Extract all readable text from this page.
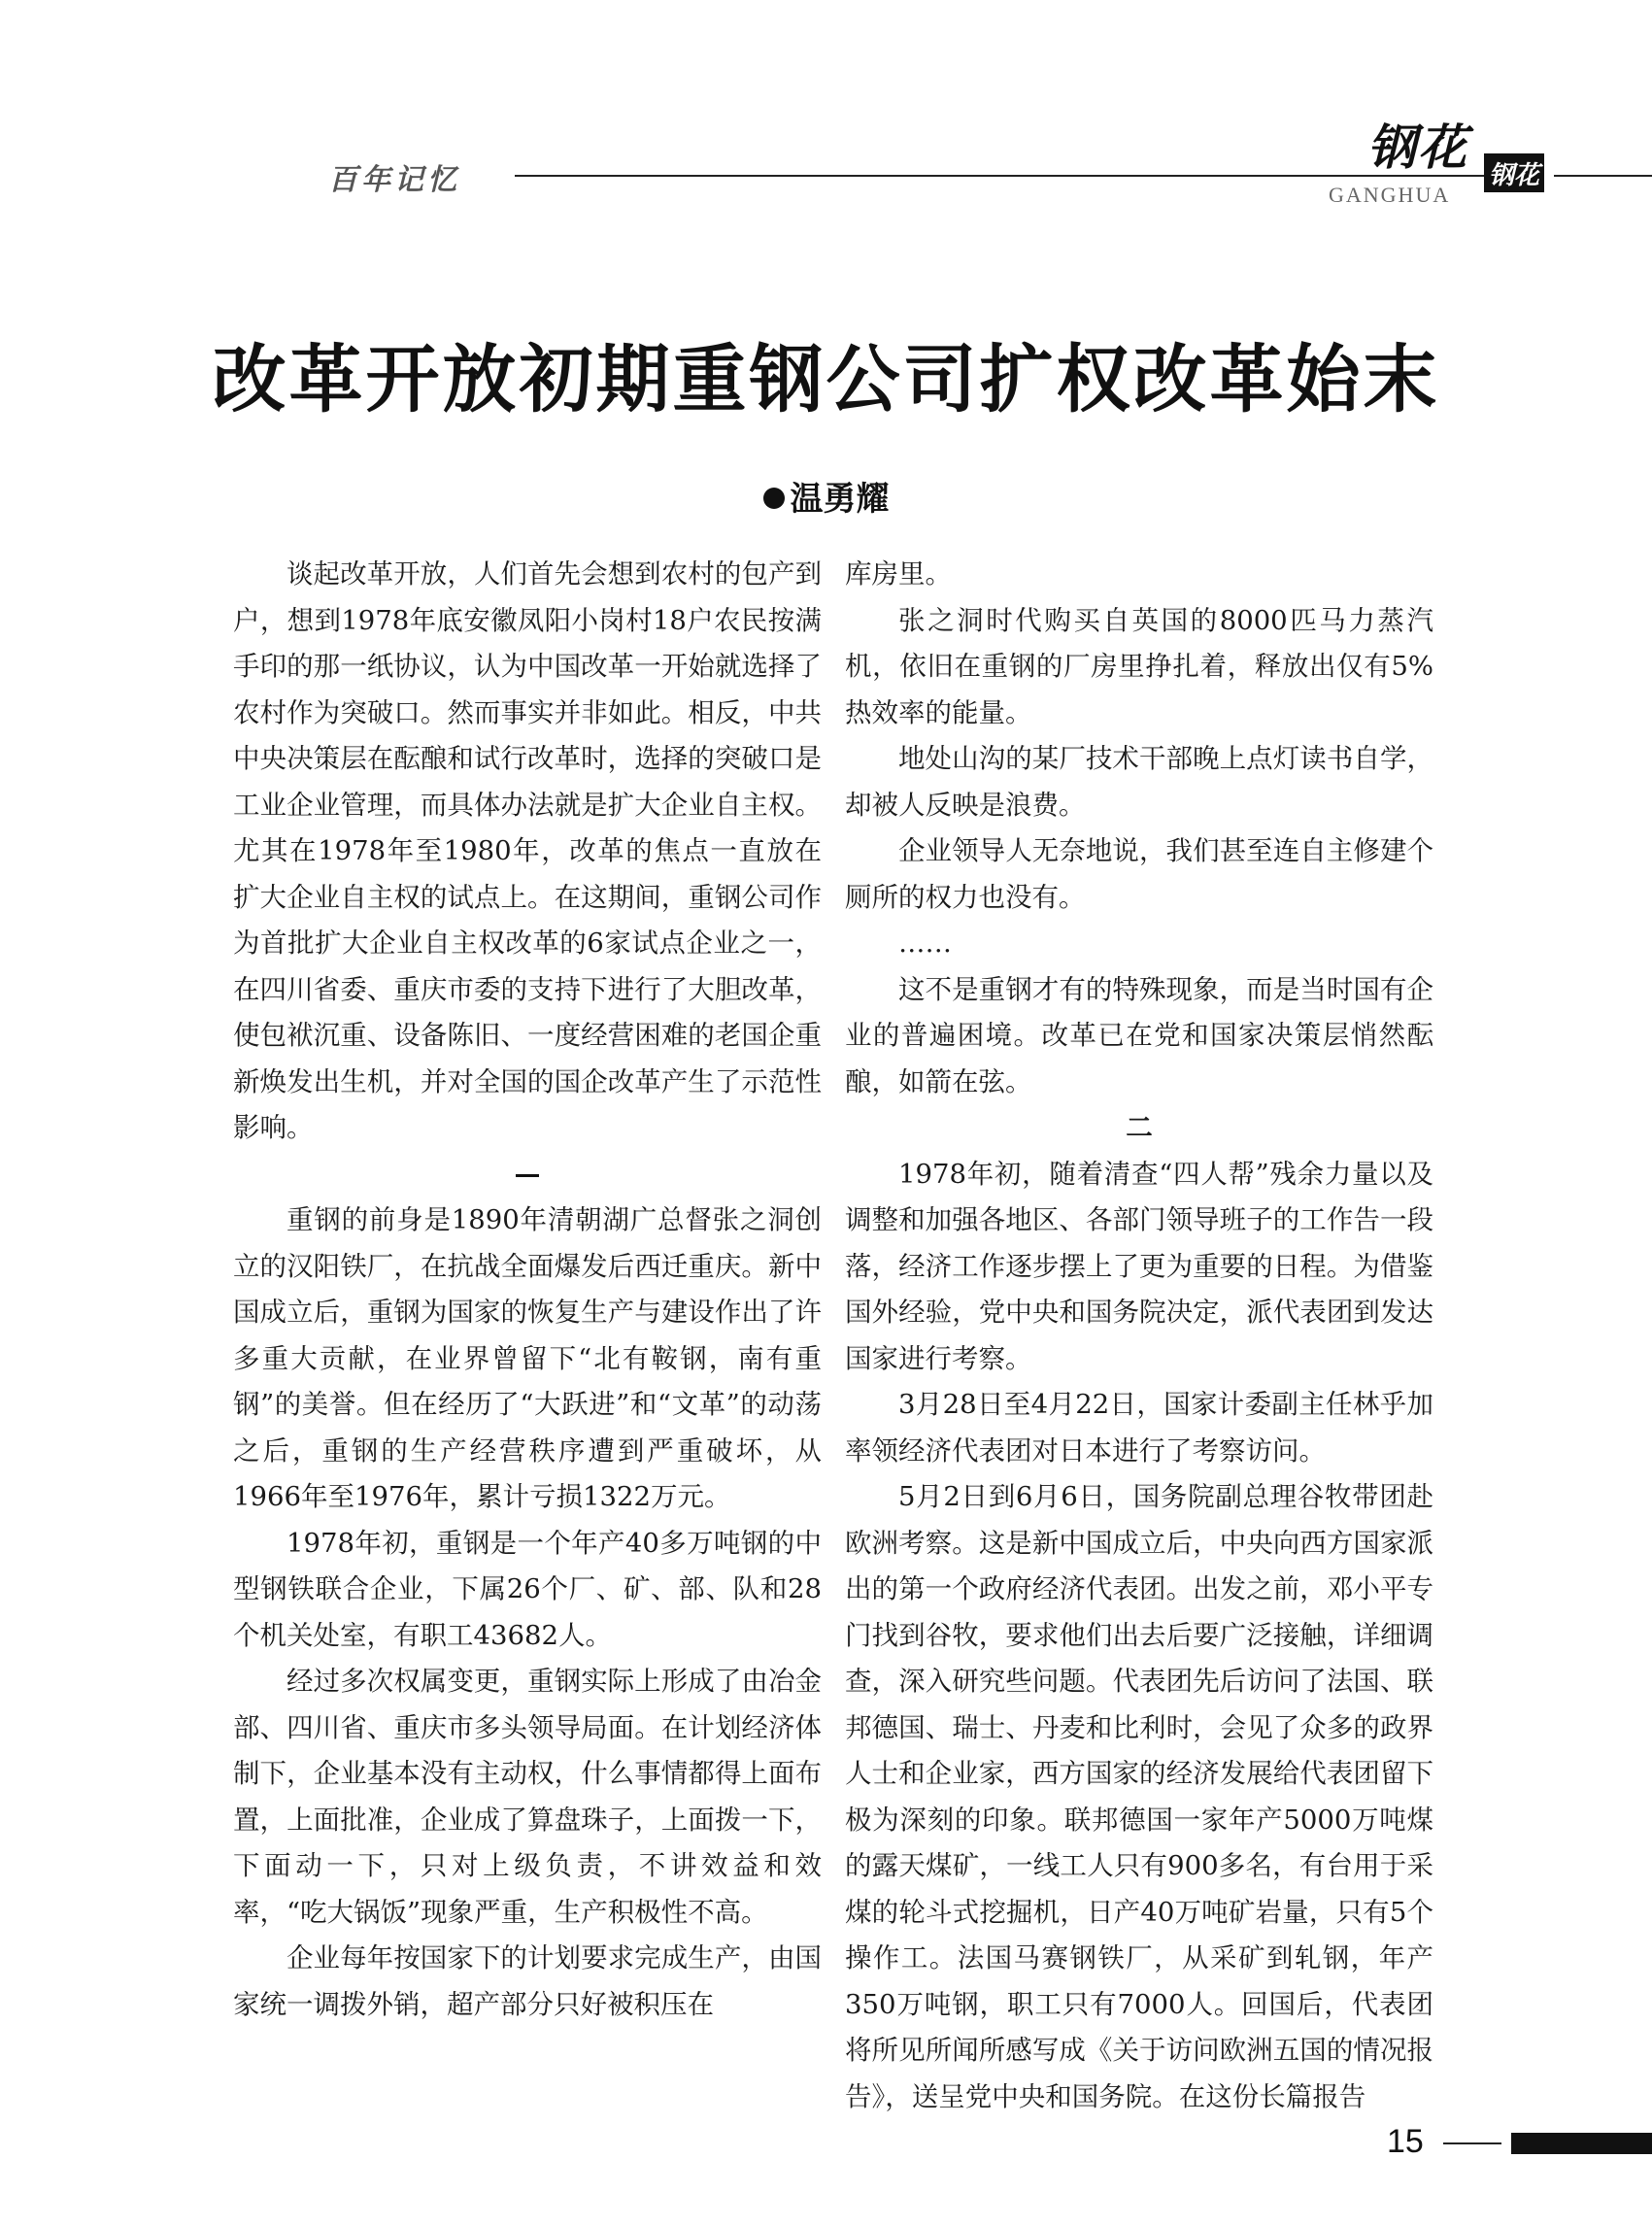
百年记忆
钢花 钢花
GANGHUA
改革开放初期重钢公司扩权改革始末
温勇耀

谈起改革开放，人们首先会想到农村的包产到户，想到1978年底安徽凤阳小岗村18户农民按满手印的那一纸协议，认为中国改革一开始就选择了农村作为突破口。然而事实并非如此。相反，中共中央决策层在酝酿和试行改革时，选择的突破口是工业企业管理，而具体办法就是扩大企业自主权。尤其在1978年至1980年，改革的焦点一直放在扩大企业自主权的试点上。在这期间，重钢公司作为首批扩大企业自主权改革的6家试点企业之一，在四川省委、重庆市委的支持下进行了大胆改革，使包袱沉重、设备陈旧、一度经营困难的老国企重新焕发出生机，并对全国的国企改革产生了示范性影响。

重钢的前身是1890年清朝湖广总督张之洞创立的汉阳铁厂，在抗战全面爆发后西迁重庆。新中国成立后，重钢为国家的恢复生产与建设作出了许多重大贡献，在业界曾留下“北有鞍钢，南有重钢”的美誉。但在经历了“大跃进”和“文革”的动荡之后，重钢的生产经营秩序遭到严重破坏，从1966年至1976年，累计亏损1322万元。

1978年初，重钢是一个年产40多万吨钢的中型钢铁联合企业，下属26个厂、矿、部、队和28个机关处室，有职工43682人。

经过多次权属变更，重钢实际上形成了由冶金部、四川省、重庆市多头领导局面。在计划经济体制下，企业基本没有主动权，什么事情都得上面布置，上面批准，企业成了算盘珠子，上面拨一下，下面动一下，只对上级负责，不讲效益和效率，“吃大锅饭”现象严重，生产积极性不高。

企业每年按国家下的计划要求完成生产，由国家统一调拨外销，超产部分只好被积压在

库房里。

张之洞时代购买自英国的8000匹马力蒸汽机，依旧在重钢的厂房里挣扎着，释放出仅有5%热效率的能量。

地处山沟的某厂技术干部晚上点灯读书自学，却被人反映是浪费。

企业领导人无奈地说，我们甚至连自主修建个厕所的权力也没有。

……

这不是重钢才有的特殊现象，而是当时国有企业的普遍困境。改革已在党和国家决策层悄然酝酿，如箭在弦。

二

1978年初，随着清查“四人帮”残余力量以及调整和加强各地区、各部门领导班子的工作告一段落，经济工作逐步摆上了更为重要的日程。为借鉴国外经验，党中央和国务院决定，派代表团到发达国家进行考察。

3月28日至4月22日，国家计委副主任林乎加率领经济代表团对日本进行了考察访问。

5月2日到6月6日，国务院副总理谷牧带团赴欧洲考察。这是新中国成立后，中央向西方国家派出的第一个政府经济代表团。出发之前，邓小平专门找到谷牧，要求他们出去后要广泛接触，详细调查，深入研究些问题。代表团先后访问了法国、联邦德国、瑞士、丹麦和比利时，会见了众多的政界人士和企业家，西方国家的经济发展给代表团留下极为深刻的印象。联邦德国一家年产5000万吨煤的露天煤矿，一线工人只有900多名，有台用于采煤的轮斗式挖掘机，日产40万吨矿岩量，只有5个操作工。法国马赛钢铁厂，从采矿到轧钢，年产350万吨钢，职工只有7000人。回国后，代表团将所见所闻所感写成《关于访问欧洲五国的情况报告》，送呈党中央和国务院。在这份长篇报告

15
